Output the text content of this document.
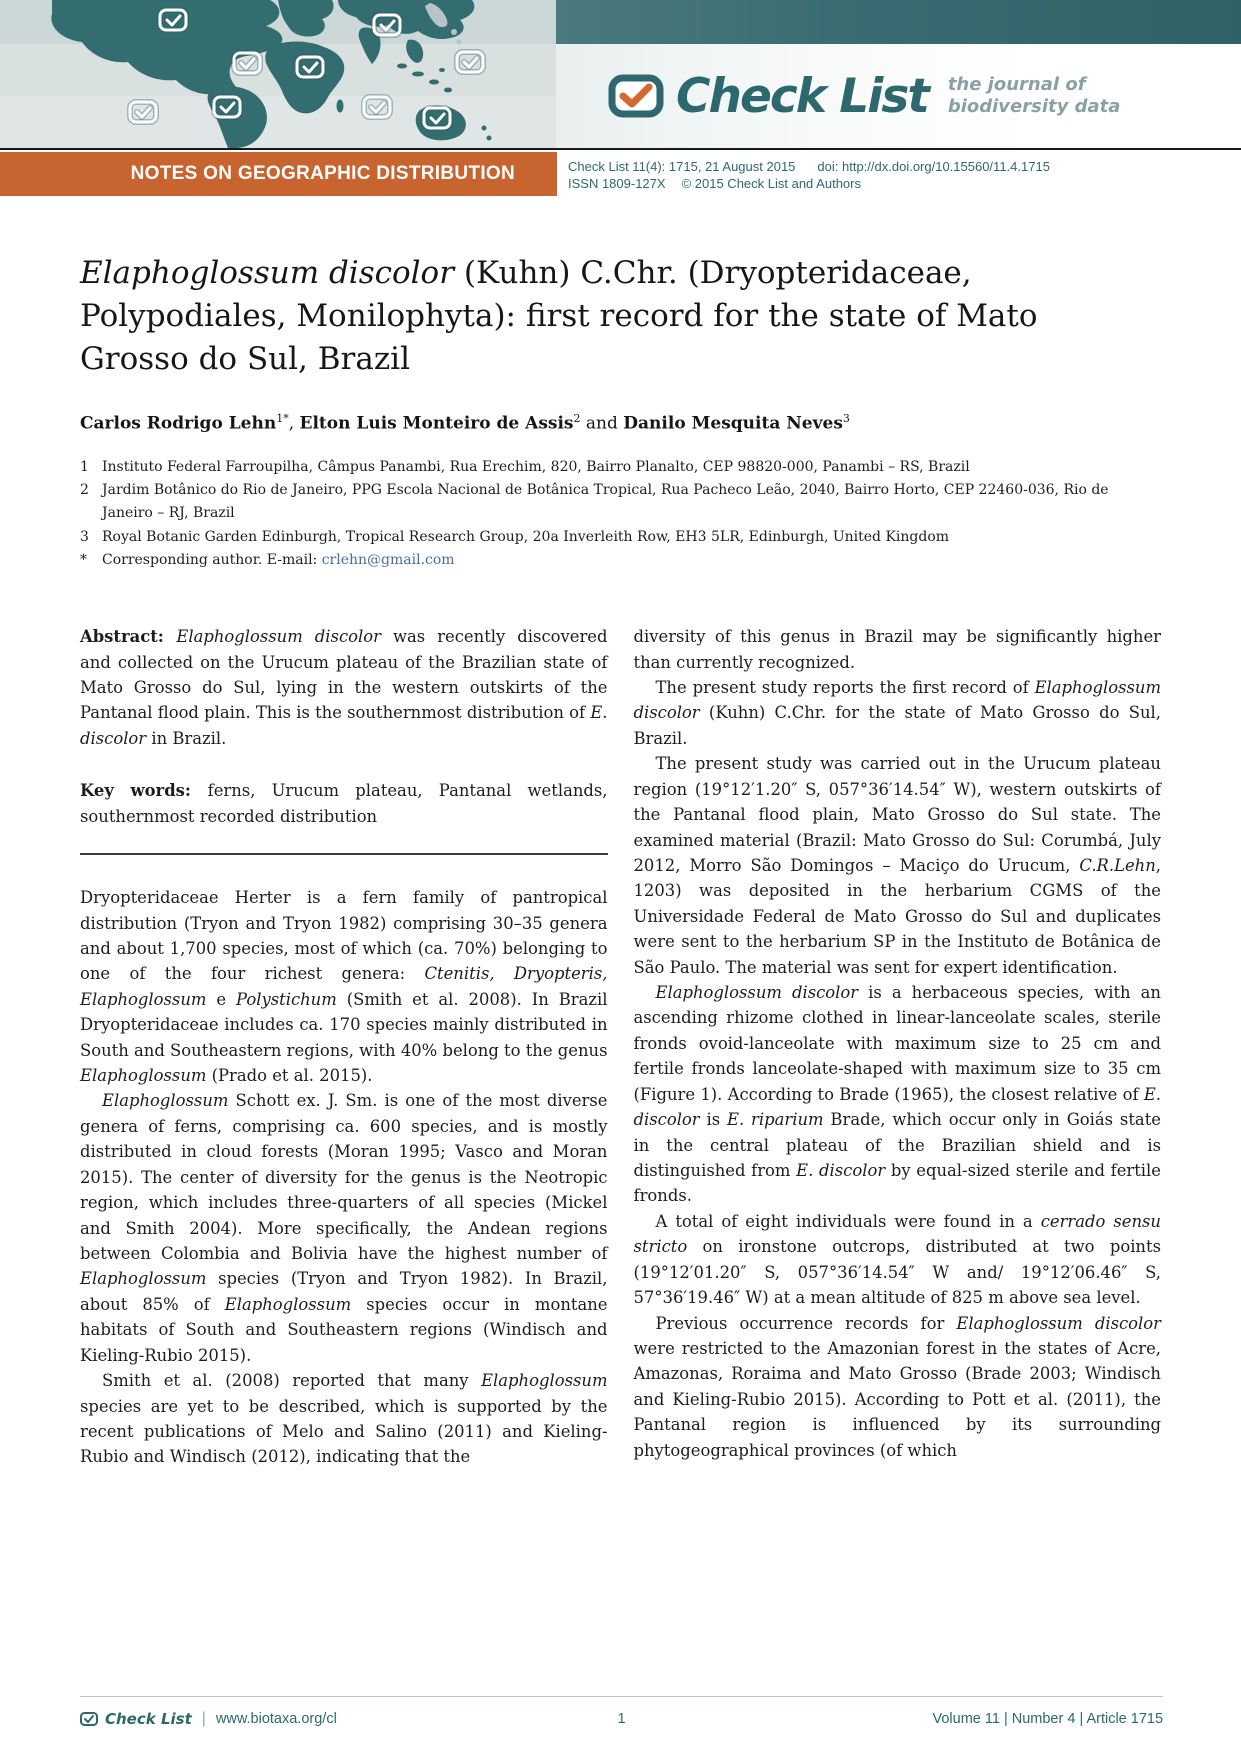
Check List the journal of
biodiversity data
NOTES ON GEOGRAPHIC DISTRIBUTION	Check List 11(4): 1715, 21 August 2015 doi: http://dx.doi.org/10.15560/11.4.1715
ISSN 1809-127X © 2015 Check List and Authors
Elaphoglossum discolor (Kuhn) C.Chr. (Dryopteridaceae, Polypodiales, Monilophyta): first record for the state of Mato Grosso do Sul, Brazil
Carlos Rodrigo Lehn$^{1*}$, Elton Luis Monteiro de Assis$^2$ and Danilo Mesquita Neves$^3$
1 Instituto Federal Farroupilha, Câmpus Panambi, Rua Erechim, 820, Bairro Planalto, CEP 98820-000, Panambi – RS, Brazil
2 Jardim Botânico do Rio de Janeiro, PPG Escola Nacional de Botânica Tropical, Rua Pacheco Leão, 2040, Bairro Horto, CEP 22460-036, Rio de Janeiro – RJ, Brazil
3 Royal Botanic Garden Edinburgh, Tropical Research Group, 20a Inverleith Row, EH3 5LR, Edinburgh, United Kingdom
*	Corresponding author. E-mail: crlehn@gmail.com

Abstract: Elaphoglossum discolor was recently discovered and collected on the Urucum plateau of the Brazilian state of Mato Grosso do Sul, lying in the western outskirts of the Pantanal flood plain. This is the southernmost distribution of E. discolor in Brazil.

Key words: ferns, Urucum plateau, Pantanal wetlands, southernmost recorded distribution

Dryopteridaceae Herter is a fern family of pantropical distribution (Tryon and Tryon 1982) comprising 30–35 genera and about 1,700 species, most of which (ca. 70%) belonging to one of the four richest genera: Ctenitis, Dryopteris, Elaphoglossum e Polystichum (Smith et al. 2008). In Brazil Dryopteridaceae includes ca. 170 species mainly distributed in South and Southeastern regions, with 40% belong to the genus Elaphoglossum (Prado et al. 2015).

Elaphoglossum Schott ex. J. Sm. is one of the most diverse genera of ferns, comprising ca. 600 species, and is mostly distributed in cloud forests (Moran 1995; Vasco and Moran 2015). The center of diversity for the genus is the Neotropic region, which includes three-quarters of all species (Mickel and Smith 2004). More specifically, the Andean regions between Colombia and Bolivia have the highest number of Elaphoglossum species (Tryon and Tryon 1982). In Brazil, about 85% of Elaphoglossum species occur in montane habitats of South and Southeastern regions (Windisch and Kieling-Rubio 2015).

Smith et al. (2008) reported that many Elaphoglossum species are yet to be described, which is supported by the recent publications of Melo and Salino (2011) and Kieling-Rubio and Windisch (2012), indicating that the

diversity of this genus in Brazil may be significantly higher than currently recognized.

The present study reports the first record of Elaphoglossum discolor (Kuhn) C.Chr. for the state of Mato Grosso do Sul, Brazil.

The present study was carried out in the Urucum plateau region (19°12′1.20″ S, 057°36′14.54″ W), western outskirts of the Pantanal flood plain, Mato Grosso do Sul state. The examined material (Brazil: Mato Grosso do Sul: Corumbá, July 2012, Morro São Domingos – Maciço do Urucum, C.R.Lehn, 1203) was deposited in the herbarium CGMS of the Universidade Federal de Mato Grosso do Sul and duplicates were sent to the herbarium SP in the Instituto de Botânica de São Paulo. The material was sent for expert identification.

Elaphoglossum discolor is a herbaceous species, with an ascending rhizome clothed in linear-lanceolate scales, sterile fronds ovoid-lanceolate with maximum size to 25 cm and fertile fronds lanceolate-shaped with maximum size to 35 cm (Figure 1). According to Brade (1965), the closest relative of E. discolor is E. riparium Brade, which occur only in Goiás state in the central plateau of the Brazilian shield and is distinguished from E. discolor by equal-sized sterile and fertile fronds.

A total of eight individuals were found in a cerrado sensu stricto on ironstone outcrops, distributed at two points (19°12′01.20″ S, 057°36′14.54″ W and/ 19°12′06.46″ S, 57°36′19.46″ W) at a mean altitude of 825 m above sea level.

Previous occurrence records for Elaphoglossum discolor were restricted to the Amazonian forest in the states of Acre, Amazonas, Roraima and Mato Grosso (Brade 2003; Windisch and Kieling-Rubio 2015). According to Pott et al. (2011), the Pantanal region is influenced by its surrounding phytogeographical provinces (of which

Check List | www.biotaxa.org/cl	1	Volume 11 | Number 4 | Article 1715
